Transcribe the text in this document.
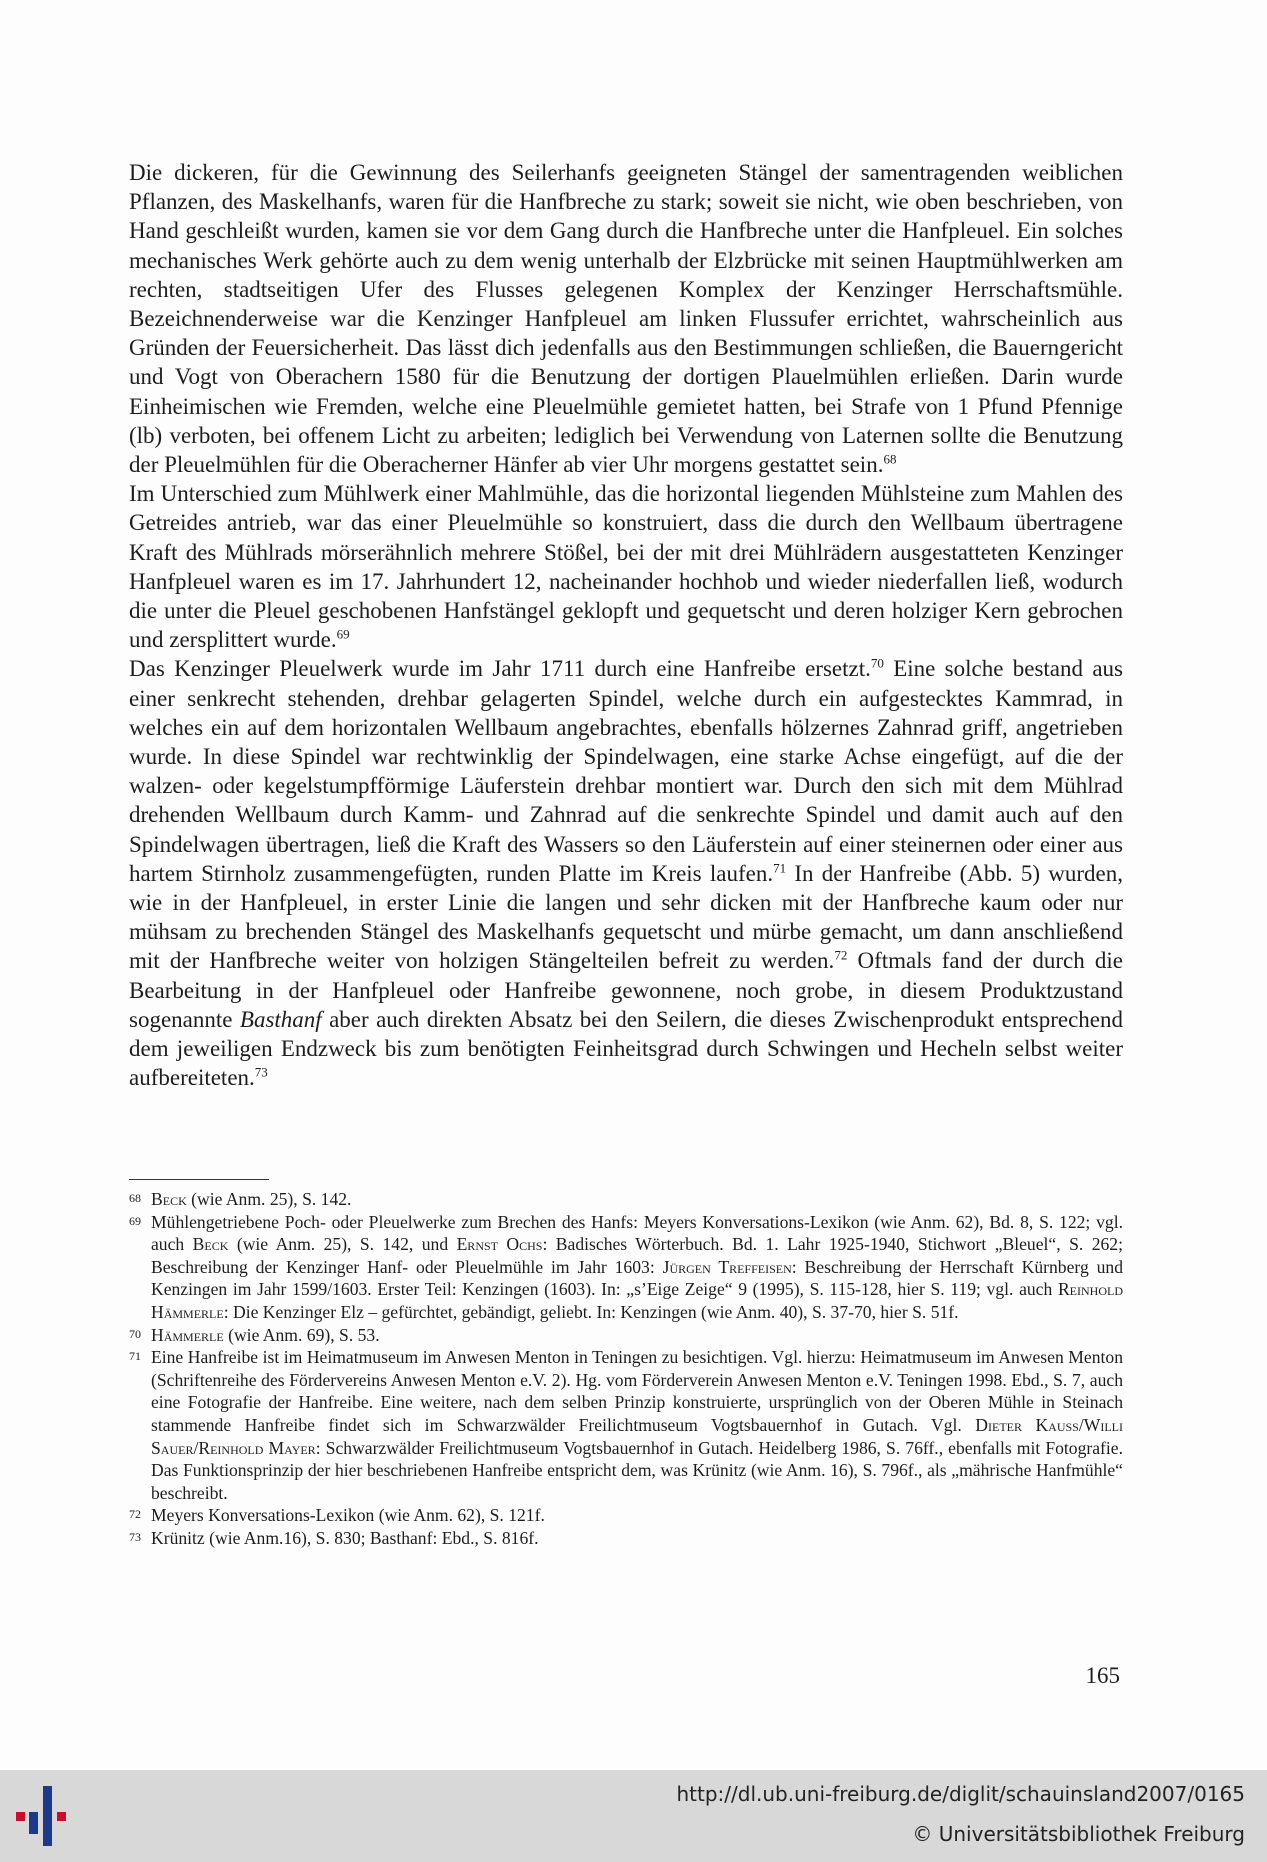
Die dickeren, für die Gewinnung des Seilerhanfs geeigneten Stängel der samentragenden weiblichen Pflanzen, des Maskelhanfs, waren für die Hanfbreche zu stark; soweit sie nicht, wie oben beschrieben, von Hand geschleißt wurden, kamen sie vor dem Gang durch die Hanfbreche unter die Hanfpleuel. Ein solches mechanisches Werk gehörte auch zu dem wenig unterhalb der Elzbrücke mit seinen Hauptmühlwerken am rechten, stadtseitigen Ufer des Flusses gelegenen Komplex der Kenzinger Herrschaftsmühle. Bezeichnenderweise war die Kenzinger Hanfpleuel am linken Flussufer errichtet, wahrscheinlich aus Gründen der Feuersicherheit. Das lässt dich jedenfalls aus den Bestimmungen schließen, die Bauerngericht und Vogt von Oberachern 1580 für die Benutzung der dortigen Plauelmühlen erließen. Darin wurde Einheimischen wie Fremden, welche eine Pleuelmühle gemietet hatten, bei Strafe von 1 Pfund Pfennige (lb) verboten, bei offenem Licht zu arbeiten; lediglich bei Verwendung von Laternen sollte die Benutzung der Pleuelmühlen für die Oberacherner Hänfer ab vier Uhr morgens gestattet sein.$^{68}$

Im Unterschied zum Mühlwerk einer Mahlmühle, das die horizontal liegenden Mühlsteine zum Mahlen des Getreides antrieb, war das einer Pleuelmühle so konstruiert, dass die durch den Wellbaum übertragene Kraft des Mühlrads mörserähnlich mehrere Stößel, bei der mit drei Mühlrädern ausgestatteten Kenzinger Hanfpleuel waren es im 17. Jahrhundert 12, nacheinander hochhob und wieder niederfallen ließ, wodurch die unter die Pleuel geschobenen Hanfstängel geklopft und gequetscht und deren holziger Kern gebrochen und zersplittert wurde.$^{69}$

Das Kenzinger Pleuelwerk wurde im Jahr 1711 durch eine Hanfreibe ersetzt.$^{70}$ Eine solche bestand aus einer senkrecht stehenden, drehbar gelagerten Spindel, welche durch ein aufgestecktes Kammrad, in welches ein auf dem horizontalen Wellbaum angebrachtes, ebenfalls hölzernes Zahnrad griff, angetrieben wurde. In diese Spindel war rechtwinklig der Spindelwagen, eine starke Achse eingefügt, auf die der walzen- oder kegelstumpfförmige Läuferstein drehbar montiert war. Durch den sich mit dem Mühlrad drehenden Wellbaum durch Kamm- und Zahnrad auf die senkrechte Spindel und damit auch auf den Spindelwagen übertragen, ließ die Kraft des Wassers so den Läuferstein auf einer steinernen oder einer aus hartem Stirnholz zusammengefügten, runden Platte im Kreis laufen.$^{71}$ In der Hanfreibe (Abb. 5) wurden, wie in der Hanfpleuel, in erster Linie die langen und sehr dicken mit der Hanfbreche kaum oder nur mühsam zu brechenden Stängel des Maskelhanfs gequetscht und mürbe gemacht, um dann anschließend mit der Hanfbreche weiter von holzigen Stängelteilen befreit zu werden.$^{72}$ Oftmals fand der durch die Bearbeitung in der Hanfpleuel oder Hanfreibe gewonnene, noch grobe, in diesem Produktzustand sogenannte Basthanf aber auch direkten Absatz bei den Seilern, die dieses Zwischenprodukt entsprechend dem jeweiligen Endzweck bis zum benötigten Feinheitsgrad durch Schwingen und Hecheln selbst weiter aufbereiteten.$^{73}$

68 Beck (wie Anm. 25), S. 142.

69 Mühlengetriebene Poch- oder Pleuelwerke zum Brechen des Hanfs: Meyers Konversations-Lexikon (wie Anm. 62), Bd. 8, S. 122; vgl. auch Beck (wie Anm. 25), S. 142, und Ernst Ochs: Badisches Wörterbuch. Bd. 1. Lahr 1925-1940, Stichwort „Bleuel“, S. 262; Beschreibung der Kenzinger Hanf- oder Pleuelmühle im Jahr 1603: Jürgen Treffeisen: Beschreibung der Herrschaft Kürnberg und Kenzingen im Jahr 1599/1603. Erster Teil: Kenzingen (1603). In: „s’Eige Zeige“ 9 (1995), S. 115-128, hier S. 119; vgl. auch Reinhold Hämmerle: Die Kenzinger Elz – gefürchtet, gebändigt, geliebt. In: Kenzingen (wie Anm. 40), S. 37-70, hier S. 51f.

70 Hämmerle (wie Anm. 69), S. 53.

71 Eine Hanfreibe ist im Heimatmuseum im Anwesen Menton in Teningen zu besichtigen. Vgl. hierzu: Heimatmuseum im Anwesen Menton (Schriftenreihe des Fördervereins Anwesen Menton e.V. 2). Hg. vom Förderverein Anwesen Menton e.V. Teningen 1998. Ebd., S. 7, auch eine Fotografie der Hanfreibe. Eine weitere, nach dem selben Prinzip konstruierte, ursprünglich von der Oberen Mühle in Steinach stammende Hanfreibe findet sich im Schwarzwälder Freilichtmuseum Vogtsbauernhof in Gutach. Vgl. Dieter Kauß/Willi Sauer/Reinhold Mayer: Schwarzwälder Freilichtmuseum Vogtsbauernhof in Gutach. Heidelberg 1986, S. 76ff., ebenfalls mit Fotografie. Das Funktionsprinzip der hier beschriebenen Hanfreibe entspricht dem, was Krünitz (wie Anm. 16), S. 796f., als „mährische Hanfmühle“ beschreibt.

72 Meyers Konversations-Lexikon (wie Anm. 62), S. 121f.

73 Krünitz (wie Anm.16), S. 830; Basthanf: Ebd., S. 816f.

165
http://dl.ub.uni-freiburg.de/diglit/schauinsland2007/0165
© Universitätsbibliothek Freiburg
